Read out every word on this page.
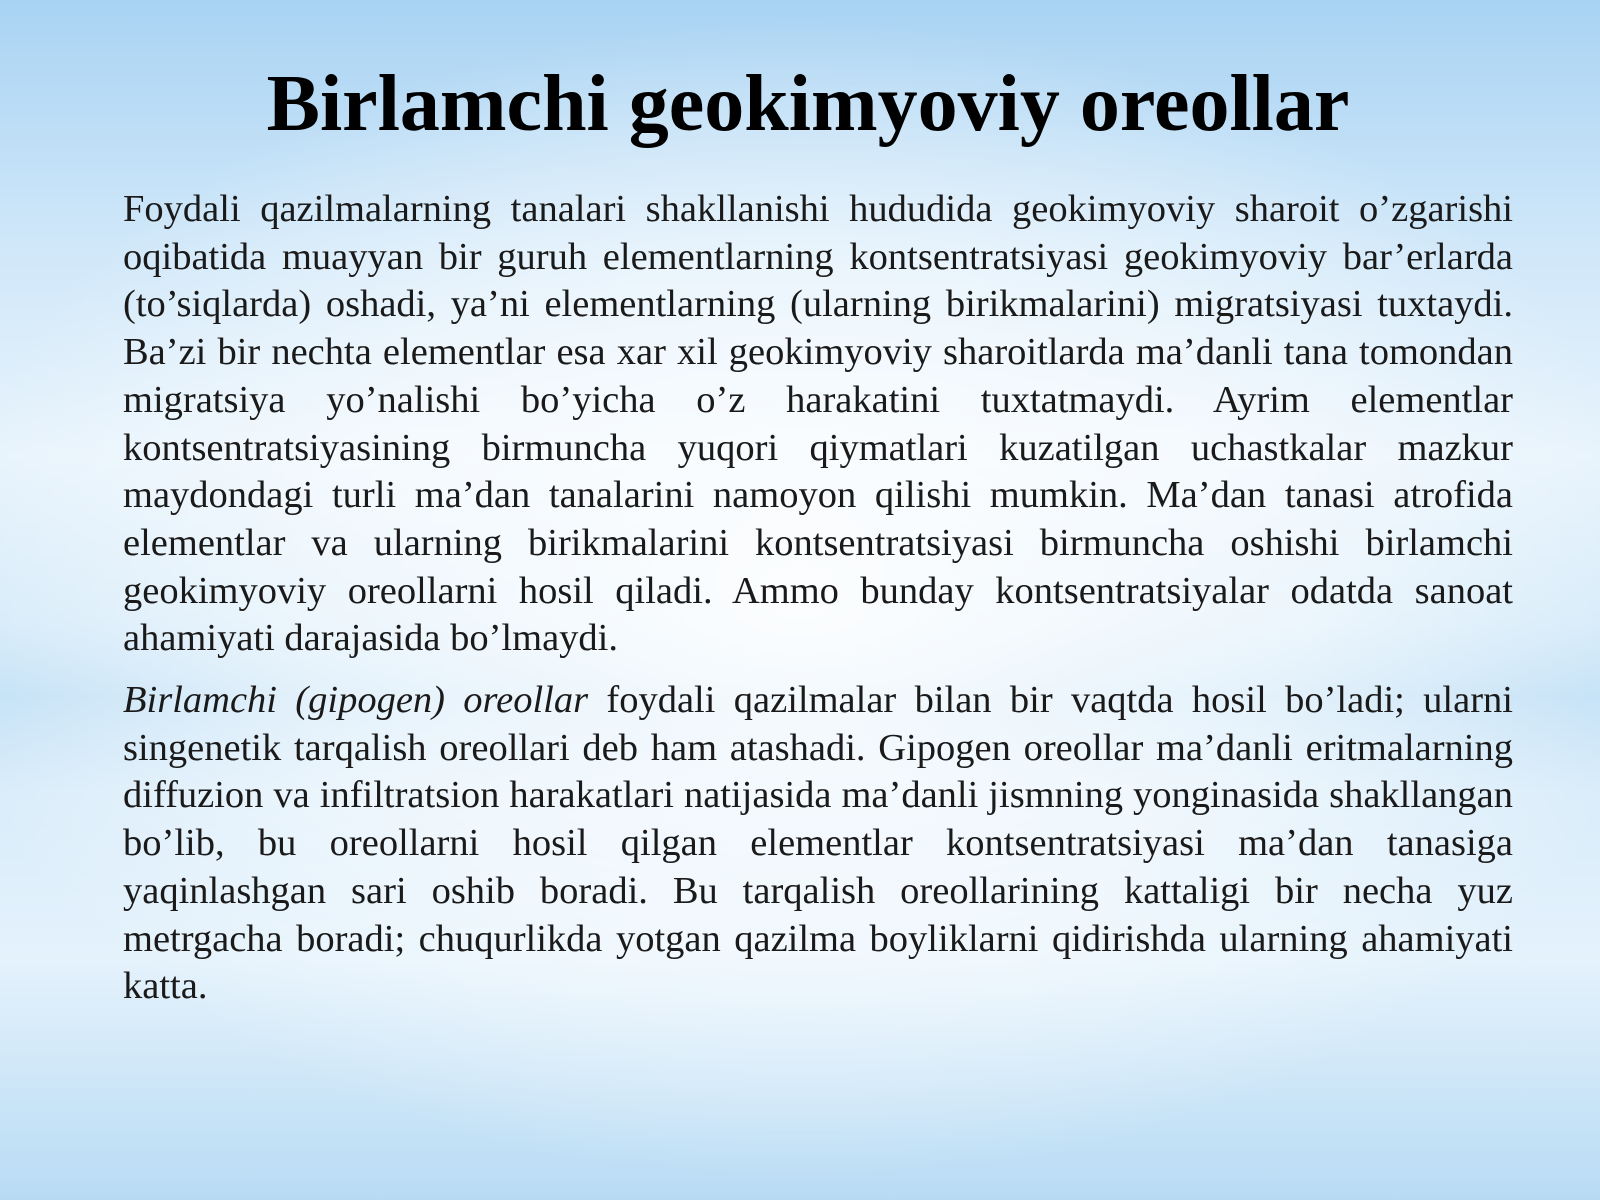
Birlamchi geokimyoviy oreollar

Foydali qazilmalarning tanalari shakllanishi hududida geokimyoviy sharoit o’zgarishi oqibatida muayyan bir guruh elementlarning kontsentratsiyasi geokimyoviy bar’erlarda (to’siqlarda) oshadi, ya’ni elementlarning (ularning birikmalarini) migratsiyasi tuxtaydi. Ba’zi bir nechta elementlar esa xar xil geokimyoviy sharoitlarda ma’danli tana tomondan migratsiya yo’nalishi bo’yicha o’z harakatini tuxtatmaydi. Ayrim elementlar kontsentratsiyasining birmuncha yuqori qiymatlari kuzatilgan uchastkalar mazkur maydondagi turli ma’dan tanalarini namoyon qilishi mumkin. Ma’dan tanasi atrofida elementlar va ularning birikmalarini kontsentratsiyasi birmuncha oshishi birlamchi geokimyoviy oreollarni hosil qiladi. Ammo bunday kontsentratsiyalar odatda sanoat ahamiyati darajasida bo’lmaydi.

Birlamchi (gipogen) oreollar foydali qazilmalar bilan bir vaqtda hosil bo’ladi; ularni singenetik tarqalish oreollari deb ham atashadi. Gipogen oreollar ma’danli eritmalarning diffuzion va infiltratsion harakatlari natijasida ma’danli jismning yonginasida shakllangan bo’lib, bu oreollarni hosil qilgan elementlar kontsentratsiyasi ma’dan tanasiga yaqinlashgan sari oshib boradi. Bu tarqalish oreollarining kattaligi bir necha yuz metrgacha boradi; chuqurlikda yotgan qazilma boyliklarni qidirishda ularning ahamiyati katta.
